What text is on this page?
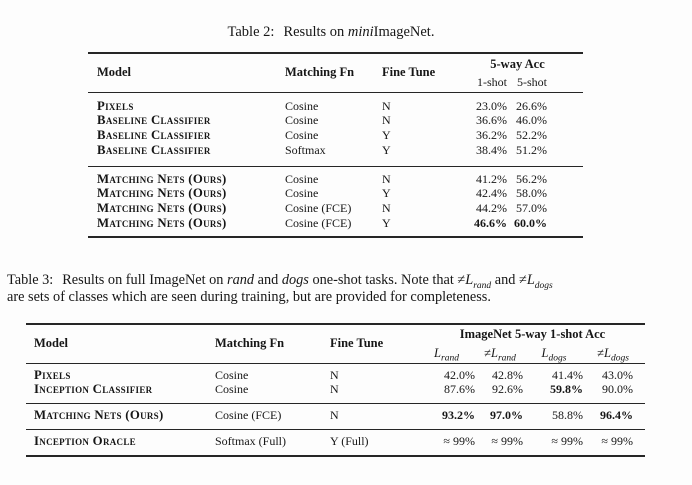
Table 2: Results on miniImageNet.
Model	Matching Fn	Fine Tune	5-way Acc	
			1-shot	5-shot
Pixels	Cosine	N	23.0%	26.6%
Baseline Classifier	Cosine	N	36.6%	46.0%
Baseline Classifier	Cosine	Y	36.2%	52.2%
Baseline Classifier	Softmax	Y	38.4%	51.2%
Matching Nets (Ours)	Cosine	N	41.2%	56.2%
Matching Nets (Ours)	Cosine	Y	42.4%	58.0%
Matching Nets (Ours)	Cosine (FCE)	N	44.2%	57.0%
Matching Nets (Ours)	Cosine (FCE)	Y	46.6%	60.0%
Table 3: Results on full ImageNet on rand and dogs one-shot tasks. Note that $\ne L_{rand}$ and $\ne L_{dogs}$
are sets of classes which are seen during training, but are provided for completeness.
Model	Matching Fn	Fine Tune	ImageNet 5-way 1-shot Acc			
			$L_{rand}$	$\ne L_{rand}$	$L_{dogs}$	$\ne L_{dogs}$
Pixels	Cosine	N	42.0%	42.8%	41.4%	43.0%
Inception Classifier	Cosine	N	87.6%	92.6%	59.8%	90.0%
Matching Nets (Ours)	Cosine (FCE)	N	93.2%	97.0%	58.8%	96.4%
Inception Oracle	Softmax (Full)	Y (Full)	≈ 99%	≈ 99%	≈ 99%	≈ 99%
